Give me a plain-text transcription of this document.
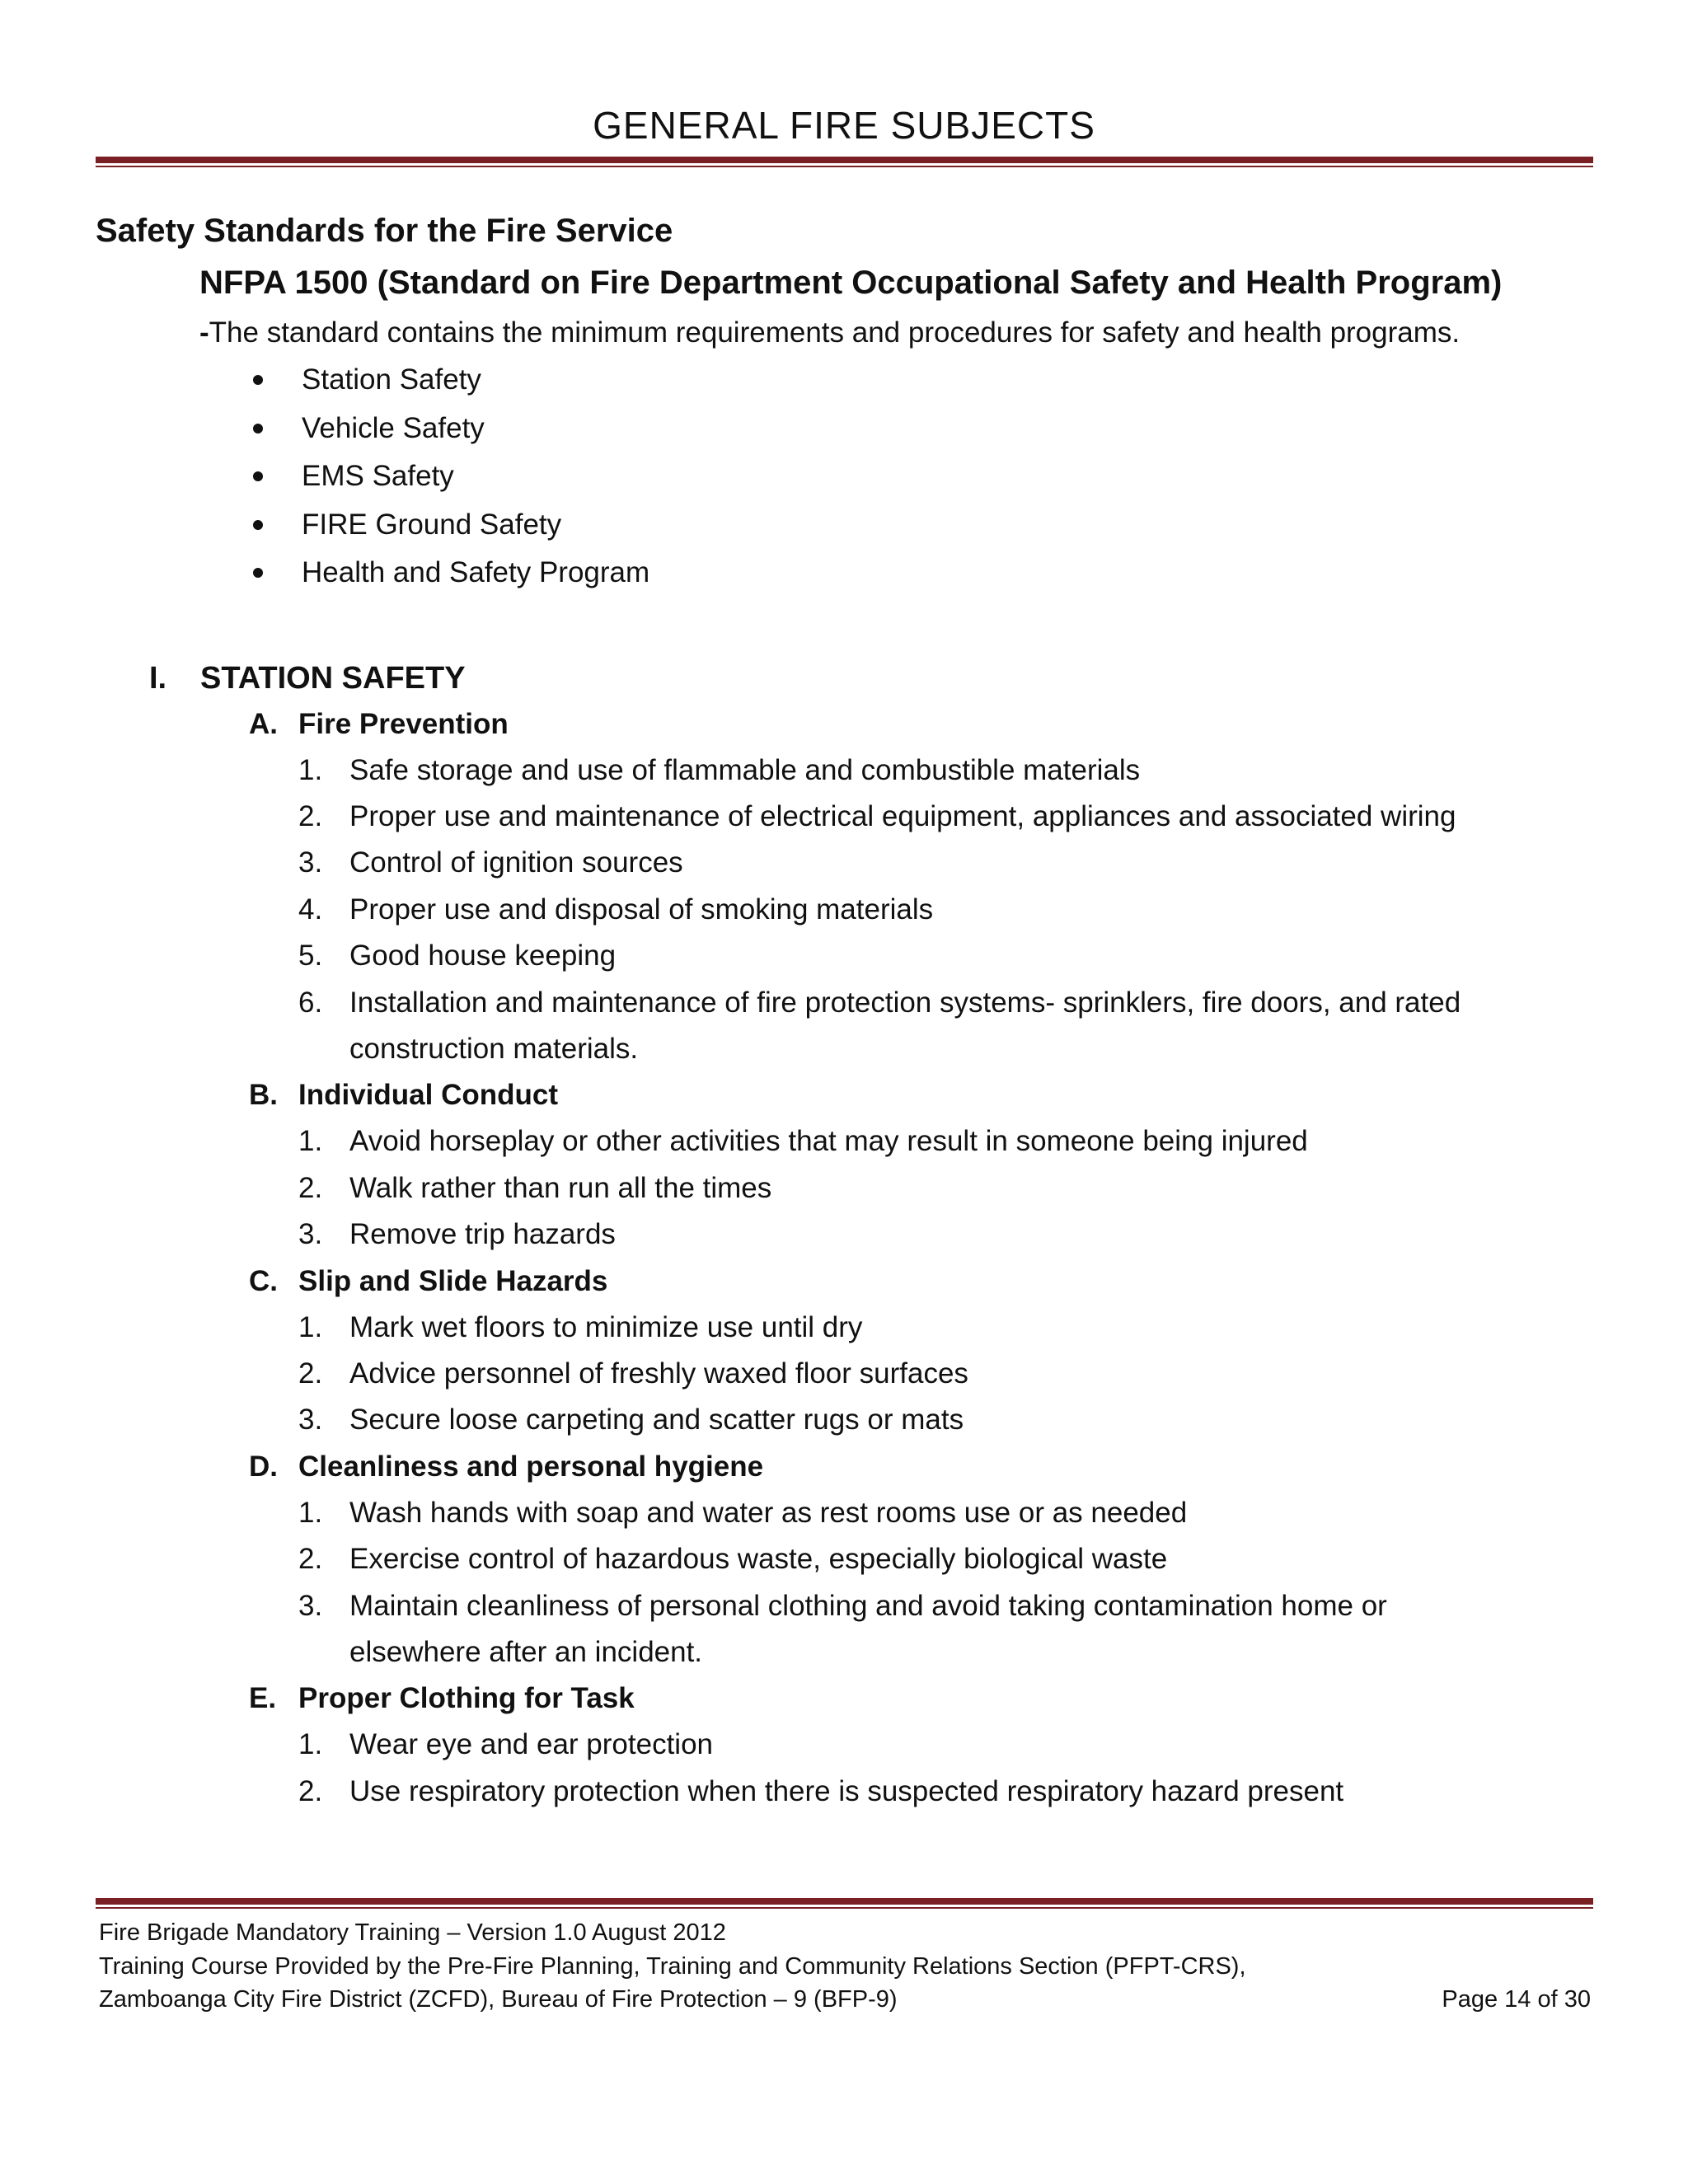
GENERAL FIRE SUBJECTS

Safety Standards for the Fire Service

NFPA 1500 (Standard on Fire Department Occupational Safety and Health Program)

-The standard contains the minimum requirements and procedures for safety and health programs.

Station Safety
Vehicle Safety
EMS Safety
FIRE Ground Safety
Health and Safety Program
I.	STATION SAFETY
A. Fire Prevention
1. Safe storage and use of flammable and combustible materials
2. Proper use and maintenance of electrical equipment, appliances and associated wiring
3. Control of ignition sources
4. Proper use and disposal of smoking materials
5. Good house keeping
6. Installation and maintenance of fire protection systems- sprinklers, fire doors, and rated construction materials.
B. Individual Conduct
1. Avoid horseplay or other activities that may result in someone being injured
2. Walk rather than run all the times
3. Remove trip hazards
C. Slip and Slide Hazards
1. Mark wet floors to minimize use until dry
2. Advice personnel of freshly waxed floor surfaces
3. Secure loose carpeting and scatter rugs or mats
D. Cleanliness and personal hygiene
1. Wash hands with soap and water as rest rooms use or as needed
2. Exercise control of hazardous waste, especially biological waste
3. Maintain cleanliness of personal clothing and avoid taking contamination home or elsewhere after an incident.
E. Proper Clothing for Task
1. Wear eye and ear protection
2. Use respiratory protection when there is suspected respiratory hazard present
Fire Brigade Mandatory Training – Version 1.0 August 2012
Training Course Provided by the Pre-Fire Planning, Training and Community Relations Section (PFPT-CRS),
Zamboanga City Fire District (ZCFD), Bureau of Fire Protection – 9 (BFP-9)	Page 14 of 30
